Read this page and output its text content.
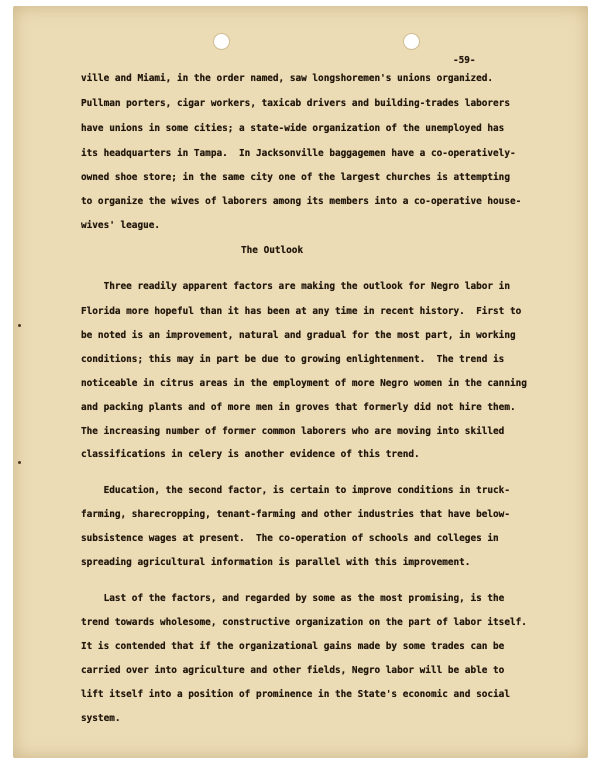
-59-
ville and Miami, in the order named, saw longshoremen's unions organized.
Pullman porters, cigar workers, taxicab drivers and building-trades laborers
have unions in some cities; a state-wide organization of the unemployed has
its headquarters in Tampa.  In Jacksonville baggagemen have a co-operatively-
owned shoe store; in the same city one of the largest churches is attempting
to organize the wives of laborers among its members into a co-operative house-
wives' league.
The Outlook
Three readily apparent factors are making the outlook for Negro labor in
Florida more hopeful than it has been at any time in recent history.  First to
be noted is an improvement, natural and gradual for the most part, in working
conditions; this may in part be due to growing enlightenment.  The trend is
noticeable in citrus areas in the employment of more Negro women in the canning
and packing plants and of more men in groves that formerly did not hire them.
The increasing number of former common laborers who are moving into skilled
classifications in celery is another evidence of this trend.
Education, the second factor, is certain to improve conditions in truck-
farming, sharecropping, tenant-farming and other industries that have below-
subsistence wages at present.  The co-operation of schools and colleges in
spreading agricultural information is parallel with this improvement.
Last of the factors, and regarded by some as the most promising, is the
trend towards wholesome, constructive organization on the part of labor itself.
It is contended that if the organizational gains made by some trades can be
carried over into agriculture and other fields, Negro labor will be able to
lift itself into a position of prominence in the State's economic and social
system.
